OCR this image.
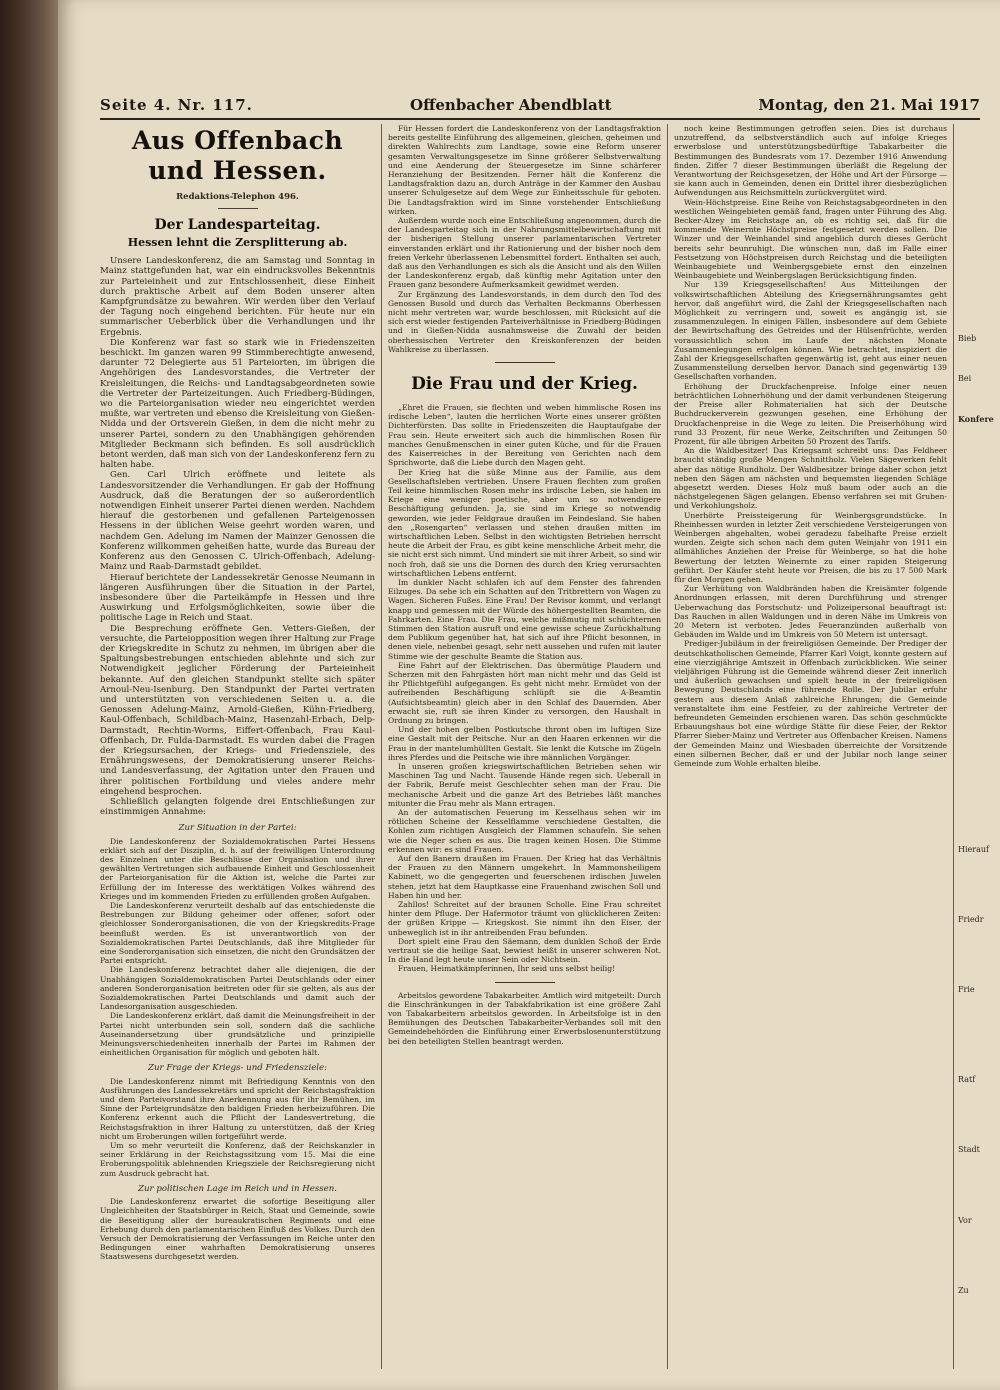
Seite 4. Nr. 117.	Offenbacher Abendblatt	Montag, den 21. Mai 1917
Aus Offenbach und Hessen.
Redaktions-Telephon 496.
Der Landesparteitag.
Hessen lehnt die Zersplitterung ab.

Unsere Landeskonferenz, die am Samstag und Sonntag in Mainz stattgefunden hat, war ein eindrucksvolles Bekenntnis zur Parteieinheit und zur Entschlossenheit, diese Einheit durch praktische Arbeit auf dem Boden unserer alten Kampfgrundsätze zu bewahren. Wir werden über den Verlauf der Tagung noch eingehend berichten. Für heute nur ein summarischer Ueberblick über die Verhandlungen und ihr Ergebnis.

Die Konferenz war fast so stark wie in Friedenszeiten beschickt. Im ganzen waren 99 Stimmberechtigte anwesend, darunter 72 Delegierte aus 51 Parteiorten, im übrigen die Angehörigen des Landesvorstandes, die Vertreter der Kreisleitungen, die Reichs- und Landtagsabgeordneten sowie die Vertreter der Parteizeitungen. Auch Friedberg-Büdingen, wo die Parteiorganisation wieder neu eingerichtet werden mußte, war vertreten und ebenso die Kreisleitung von Gießen-Nidda und der Ortsverein Gießen, in dem die nicht mehr zu unserer Partei, sondern zu den Unabhängigen gehörenden Mitglieder Beckmann sich befinden. Es soll ausdrücklich betont werden, daß man sich von der Landeskonferenz fern zu halten habe.

Gen. Carl Ulrich eröffnete und leitete als Landesvorsitzender die Verhandlungen. Er gab der Hoffnung Ausdruck, daß die Beratungen der so außerordentlich notwendigen Einheit unserer Partei dienen werden. Nachdem hierauf die gestorbenen und gefallenen Parteigenossen Hessens in der üblichen Weise geehrt worden waren, und nachdem Gen. Adelung im Namen der Mainzer Genossen die Konferenz willkommen geheißen hatte, wurde das Bureau der Konferenz aus den Genossen C. Ulrich-Offenbach, Adelung-Mainz und Raab-Darmstadt gebildet.

Hierauf berichtete der Landessekretär Genosse Neumann in längeren Ausführungen über die Situation in der Partei, insbesondere über die Parteikämpfe in Hessen und ihre Auswirkung und Erfolgsmöglichkeiten, sowie über die politische Lage in Reich und Staat.

Die Besprechung eröffnete Gen. Vetters-Gießen, der versuchte, die Parteiopposition wegen ihrer Haltung zur Frage der Kriegskredite in Schutz zu nehmen, im übrigen aber die Spaltungsbestrebungen entschieden ablehnte und sich zur Notwendigkeit jeglicher Förderung der Parteieinheit bekannte. Auf den gleichen Standpunkt stellte sich später Arnoul-Neu-Isenburg. Den Standpunkt der Partei vertraten und unterstützten von verschiedenen Seiten u. a. die Genossen Adelung-Mainz, Arnold-Gießen, Kühn-Friedberg, Kaul-Offenbach, Schildbach-Mainz, Hasenzahl-Erbach, Delp-Darmstadt, Rechtin-Worms, Eiffert-Offenbach, Frau Kaul-Offenbach, Dr. Fulda-Darmstadt. Es wurden dabei die Fragen der Kriegsursachen, der Kriegs- und Friedensziele, des Ernährungswesens, der Demokratisierung unserer Reichs- und Landesverfassung, der Agitation unter den Frauen und ihrer politischen Fortbildung und vieles andere mehr eingehend besprochen.

Schließlich gelangten folgende drei Entschließungen zur einstimmigen Annahme:

Zur Situation in der Partei:

Die Landeskonferenz der Sozialdemokratischen Partei Hessens erklärt sich auf der Disziplin, d. h. auf der freiwilligen Unterordnung des Einzelnen unter die Beschlüsse der Organisation und ihrer gewählten Vertretungen sich aufbauende Einheit und Geschlossenheit der Parteiorganisation für die Aktion ist, welche die Partei zur Erfüllung der im Interesse des werktätigen Volkes während des Krieges und im kommenden Frieden zu erfüllenden großen Aufgaben.

Die Landeskonferenz verurteilt deshalb auf das entschiedenste die Bestrebungen zur Bildung geheimer oder offener, sofort oder gleichlosser Sonderorganisationen, die von der Kriegskredits-Frage beeinflußt werden. Es ist unverantwortlich von der Sozialdemokratischen Partei Deutschlands, daß ihre Mitglieder für eine Sonderorganisation sich einsetzen, die nicht den Grundsätzen der Partei entspricht.

Die Landeskonferenz betrachtet daher alle diejenigen, die der Unabhängigen Sozialdemokratischen Partei Deutschlands oder einer anderen Sonderorganisation beitreten oder für sie gelten, als aus der Sozialdemokratischen Partei Deutschlands und damit auch der Landesorganisation ausgeschieden.

Die Landeskonferenz erklärt, daß damit die Meinungsfreiheit in der Partei nicht unterbunden sein soll, sondern daß die sachliche Auseinandersetzung über grundsätzliche und prinzipielle Meinungsverschiedenheiten innerhalb der Partei im Rahmen der einheitlichen Organisation für möglich und geboten hält.

Zur Frage der Kriegs- und Friedensziele:

Die Landeskonferenz nimmt mit Befriedigung Kenntnis von den Ausführungen des Landessekretärs und spricht der Reichstagsfraktion und dem Parteivorstand ihre Anerkennung aus für ihr Bemühen, im Sinne der Parteigrundsätze den baldigen Frieden herbeizuführen. Die Konferenz erkennt auch die Pflicht der Landesvertretung, die Reichstagsfraktion in ihrer Haltung zu unterstützen, daß der Krieg nicht um Eroberungen willen fortgeführt werde.

Um so mehr verurteilt die Konferenz, daß der Reichskanzler in seiner Erklärung in der Reichstagssitzung vom 15. Mai die eine Eroberungspolitik ablehnenden Kriegsziele der Reichsregierung nicht zum Ausdruck gebracht hat.

Zur politischen Lage im Reich und in Hessen.

Die Landeskonferenz erwartet die sofortige Beseitigung aller Ungleichheiten der Staatsbürger in Reich, Staat und Gemeinde, sowie die Beseitigung aller der bureaukratischen Regiments und eine Erhebung durch den parlamentarischen Einfluß des Volkes. Durch den Versuch der Demokratisierung der Verfassungen im Reiche unter den Bedingungen einer wahrhaften Demokratisierung unseres Staatswesens durchgesetzt werden.

Für Hessen fordert die Landeskonferenz von der Landtagsfraktion bereits gestellte Einführung des allgemeinen, gleichen, geheimen und direkten Wahlrechts zum Landtage, sowie eine Reform unserer gesamten Verwaltungsgesetze im Sinne größerer Selbstverwaltung und eine Aenderung der Steuergesetze im Sinne schärferer Heranziehung der Besitzenden. Ferner hält die Konferenz die Landtagsfraktion dazu an, durch Anträge in der Kammer den Ausbau unserer Schulgesetze auf dem Wege zur Einheitsschule für geboten. Die Landtagsfraktion wird im Sinne vorstehender Entschließung wirken.

Außerdem wurde noch eine Entschließung angenommen, durch die der Landesparteitag sich in der Nahrungsmittelbewirtschaftung mit der bisherigen Stellung unserer parlamentarischen Vertreter einverstanden erklärt und ihr Rationierung und der bisher noch dem freien Verkehr überlassenen Lebensmittel fordert. Enthalten sei auch, daß aus den Verhandlungen es sich als die Ansicht und als den Willen der Landeskonferenz ergab, daß künftig mehr Agitation unter den Frauen ganz besondere Aufmerksamkeit gewidmet werden.

Zur Ergänzung des Landesvorstands, in dem durch den Tod des Genossen Busold und durch das Verhalten Beckmanns Oberhessen nicht mehr vertreten war, wurde beschlossen, mit Rücksicht auf die sich erst wieder festigenden Parteiverhältnisse in Friedberg-Büdingen und in Gießen-Nidda ausnahmsweise die Zuwahl der beiden oberhessischen Vertreter den Kreiskonferenzen der beiden Wahlkreise zu überlassen.

Die Frau und der Krieg.

„Ehret die Frauen, sie flechten und weben himmlische Rosen ins irdische Leben“, lauten die herrlichen Worte eines unserer größten Dichterfürsten. Das sollte in Friedenszeiten die Hauptaufgabe der Frau sein. Heute erweitert sich auch die himmlischen Rosen für manches Genußmenschen in einer guten Küche, und für die Frauen des Kaiserreiches in der Bereitung von Gerichten nach dem Sprichworte, daß die Liebe durch den Magen geht.

Der Krieg hat die süße Minne aus der Familie, aus dem Gesellschaftsleben vertrieben. Unsere Frauen flechten zum großen Teil keine himmlischen Rosen mehr ins irdische Leben, sie haben im Kriege eine weniger poetische, aber um so notwendigere Beschäftigung gefunden. Ja, sie sind im Kriege so notwendig geworden, wie jeder Feldgraue draußen im Feindesland. Sie haben den „Rosengarten“ verlassen und stehen draußen mitten im wirtschaftlichen Leben. Selbst in den wichtigsten Betrieben herrscht heute die Arbeit der Frau, es gibt keine menschliche Arbeit mehr, die sie nicht erst sich nimmt. Und mindert sie mit ihrer Arbeit, so sind wir noch froh, daß sie uns die Dornen des durch den Krieg verursachten wirtschaftlichen Lebens entfernt.

Im dunkler Nacht schlafen ich auf dem Fenster des fahrenden Eilzuges. Da sehe ich ein Schatten auf den Tritbrettern von Wagen zu Wagen. Sicheren Fußes. Eine Frau! Der Revisor kommt, und verlangt knapp und gemessen mit der Würde des höhergestellten Beamten, die Fahrkarten. Eine Frau. Die Frau, welche mißmutig mit schüchternen Stimmen den Station ausruft und eine gewisse scheue Zurückhaltung dem Publikum gegenüber hat, hat sich auf ihre Pflicht besonnen, in denen viele, nebenbei gesagt, sehr nett aussehen und rufen mit lauter Stimme wie der geschulte Beamte die Station aus.

Eine Fahrt auf der Elektrischen. Das übermütige Plaudern und Scherzen mit den Fahrgästen hört man nicht mehr und das Geld ist ihr Pflichtgefühl aufgegangen. Es geht nicht mehr. Ermüdet von der aufreibenden Beschäftigung schlüpft sie die A-Beamtin (Aufsichtsbeamtin) gleich aber in den Schlaf des Dauernden. Aber erwacht sie, ruft sie ihren Kinder zu versorgen, den Haushalt in Ordnung zu bringen.

Und der hohen gelben Postkutsche thront oben im luftigen Size eine Gestalt mit der Peitsche. Nur an den Haaren erkennen wir die Frau in der mantelumhüllten Gestalt. Sie lenkt die Kutsche im Zügeln ihres Pferdes und die Peitsche wie ihre männlichen Vorgänger.

In unseren großen kriegswirtschaftlichen Betrieben sehen wir Maschinen Tag und Nacht. Tausende Hände regen sich. Ueberall in der Fabrik, Berufe meist Geschlechter sehen man der Frau. Die mechanische Arbeit und die ganze Art des Betriebes läßt manches mitunter die Frau mehr als Mann ertragen.

An der automatischen Feuerung im Kesselhaus sehen wir im rötlichen Scheine der Kesselflamme verschiedene Gestalten, die Kohlen zum richtigen Ausgleich der Flammen schaufeln. Sie sehen wie die Neger schen es aus. Die tragen keinen Hosen. Die Stimme erkennen wir: es sind Frauen.

Auf den Banern draußen im Frauen. Der Krieg hat das Verhältnis der Frauen zu den Männern umgekehrt. In Mammonsheiligem Kabinett, wo die gengegerten und feuerschenen irdischen Juwelen stehen, jetzt hat dem Hauptkasse eine Frauenhand zwischen Soll und Haben hin und her.

Zahllos! Schreitet auf der braunen Scholle. Eine Frau schreitet hinter dem Pfluge. Der Hafermotor träumt von glücklicheren Zeiten: der grüßen Krippe — Kriegskost. Sie nimmt ihn den Eiser, der unbeweglich ist in ihr antreibenden Frau befunden.

Dort spielt eine Frau den Säemann, dem dunklen Schoß der Erde vertraut sie die heilige Saat, bewiest heißt in unserer schweren Not. In die Hand legt heute unser Sein oder Nichtsein.

Frauen, Heimatkämpferinnen, Ihr seid uns selbst heilig!

Arbeitslos gewordene Tabakarbeiter. Amtlich wird mitgeteilt: Durch die Einschränkungen in der Tabakfabrikation ist eine größere Zahl von Tabakarbeitern arbeitslos geworden. In Arbeitsfolge ist in den Bemühungen des Deutschen Tabakarbeiter-Verbandes soll mit den Gemeindebehörden die Einführung einer Erwerbslosenunterstützung bei den beteiligten Stellen beantragt werden.

noch keine Bestimmungen getroffen seien. Dies ist durchaus unzutreffend, da selbstverständlich auch auf infolge Krieges erwerbslose und unterstützungsbedürftige Tabakarbeiter die Bestimmungen des Bundesrats vom 17. Dezember 1916 Anwendung finden. Ziffer 7 dieser Bestimmungen überläßt die Regelung der Verantwortung der Reichsgesetzen, der Höhe und Art der Fürsorge — sie kann auch in Gemeinden, denen ein Drittel ihrer diesbezüglichen Aufwendungen aus Reichsmitteln zurückvergütet wird.

Wein-Höchstpreise. Eine Reihe von Reichstagsabgeordneten in den westlichen Weingebieten gemäß fand, fragen unter Führung des Abg. Becker-Alzey im Reichstage an, ob es richtig sei, daß für die kommende Weinernte Höchstpreise festgesetzt werden sollen. Die Winzer und der Weinhandel sind angeblich durch dieses Gerücht bereits sehr beunruhigt. Die wünschen nun, daß im Falle einer Festsetzung von Höchstpreisen durch Reichstag und die beteiligten Weinbaugebiete und Weinbergsgebiete ernst den einzelnen Weinbaugebiete und Weinbergslagen Berücksichtigung finden.

Nur 139 Kriegsgesellschaften! Aus Mitteilungen der volkswirtschaftlichen Abteilung des Kriegsernährungsamtes geht hervor, daß angeführt wird, die Zahl der Kriegsgesellschaften nach Möglichkeit zu verringern und, soweit es angängig ist, sie zusammenzulegen. In einigen Fällen, insbesondere auf dem Gebiete der Bewirtschaftung des Getreides und der Hülsenfrüchte, werden voraussichtlich schon im Laufe der nächsten Monate Zusammenlegungen erfolgen können. Wie betrachtet, inspiziert die Zahl der Kriegsgesellschaften gegenwärtig ist, geht aus einer neuen Zusammenstellung derselben hervor. Danach sind gegenwärtig 139 Gesellschaften vorhanden.

Erhöhung der Druckfachenpreise. Infolge einer neuen beträchtlichen Lohnerhöhung und der damit verbundenen Steigerung der Preise aller Rohmaterialien hat sich der Deutsche Buchdruckerverein gezwungen gesehen, eine Erhöhung der Druckfachenpreise in die Wege zu leiten. Die Preiserhöhung wird rund 33 Prozent, für neue Werke, Zeitschriften und Zeitungen 50 Prozent, für alle übrigen Arbeiten 50 Prozent des Tarifs.

An die Waldbesitzer! Das Kriegsamt schreibt uns: Das Feldheer braucht ständig große Mengen Schnittholz. Vielen Sägewerken fehlt aber das nötige Rundholz. Der Waldbesitzer bringe daher schon jetzt neben den Sägen am nächsten und bequemsten liegenden Schläge abgesetzt werden. Dieses Holz muß baum oder auch an die nächstgelegenen Sägen gelangen. Ebenso verfahren sei mit Gruben- und Verkohlungsholz.

Unerhörte Preissteigerung für Weinbergsgrundstücke. In Rheinhessen wurden in letzter Zeit verschiedene Versteigerungen von Weinbergen abgehalten, wobei geradezu fabelhafte Preise erzielt wurden. Zeigte sich schon nach dem guten Weinjahr von 1911 ein allmähliches Anziehen der Preise für Weinberge, so hat die hohe Bewertung der letzten Weinernte zu einer rapiden Steigerung geführt. Der Käufer steht heute vor Preisen, die bis zu 17 500 Mark für den Morgen gehen.

Zur Verhütung von Waldbränden haben die Kreisämter folgende Anordnungen erlassen, mit deren Durchführung und strenger Ueberwachung das Forstschutz- und Polizeipersonal beauftragt ist: Das Rauchen in allen Waldungen und in deren Nähe im Umkreis von 20 Metern ist verboten. Jedes Feueranzünden außerhalb von Gebäuden im Walde und im Umkreis von 50 Metern ist untersagt.

Prediger-Jubiläum in der freireligiösen Gemeinde. Der Prediger der deutschkatholischen Gemeinde, Pfarrer Karl Voigt, konnte gestern auf eine vierzigjährige Amtszeit in Offenbach zurückblicken. Wie seiner vieljährigen Führung ist die Gemeinde während dieser Zeit innerlich und äußerlich gewachsen und spielt heute in der freireligiösen Bewegung Deutschlands eine führende Rolle. Der Jubilar erfuhr gestern aus diesem Anlaß zahlreiche Ehrungen; die Gemeinde veranstaltete ihm eine Festfeier, zu der zahlreiche Vertreter der befreundeten Gemeinden erschienen waren. Das schön geschmückte Erbauungshaus bot eine würdige Stätte für diese Feier, der Rektor Pfarrer Sieber-Mainz und Vertreter aus Offenbacher Kreisen. Namens der Gemeinden Mainz und Wiesbaden überreichte der Vorsitzende einen silbernen Becher, daß er und der Jubilar noch lange seiner Gemeinde zum Wohle erhalten bleibe.

Bieb
Bei
Konfere
Hierauf
Friedr
Frie
Ratf
Stadt
Vor
Zu
